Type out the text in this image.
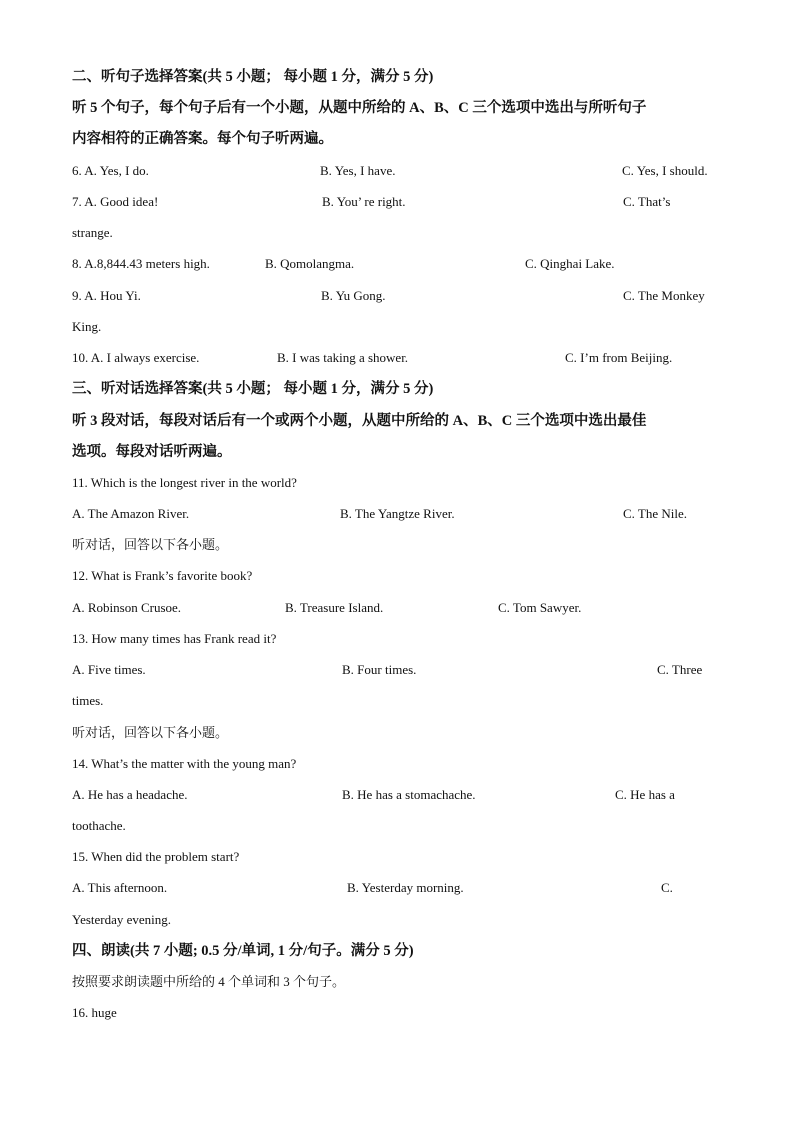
二、听句子选择答案(共 5 小题； 每小题 1 分，满分 5 分)
听 5 个句子，每个句子后有一个小题，从题中所给的 A、B、C 三个选项中选出与所听句子
内容相符的正确答案。每个句子听两遍。
6. A. Yes, I do.	B. Yes, I have.	C. Yes, I should.
7. A. Good idea!	B. You’ re right.	C. That’s
strange.
8. A.8,844.43 meters high.	B. Qomolangma.	C. Qinghai Lake.
9. A. Hou Yi.	B. Yu Gong.	C. The Monkey
King.
10. A. I always exercise.	B. I was taking a shower.	C. I’m from Beijing.
三、听对话选择答案(共 5 小题； 每小题 1 分，满分 5 分)
听 3 段对话，每段对话后有一个或两个小题，从题中所给的 A、B、C 三个选项中选出最佳
选项。每段对话听两遍。
11. Which is the longest river in the world?
A. The Amazon River.	B. The Yangtze River.	C. The Nile.
听对话，回答以下各小题。
12. What is Frank’s favorite book?
A. Robinson Crusoe.	B. Treasure Island.	C. Tom Sawyer.
13. How many times has Frank read it?
A. Five times.	B. Four times.	C. Three
times.
听对话，回答以下各小题。
14. What’s the matter with the young man?
A. He has a headache.	B. He has a stomachache.	C. He has a
toothache.
15. When did the problem start?
A. This afternoon.	B. Yesterday morning.	C.
Yesterday evening.
四、朗读(共 7 小题; 0.5 分/单词, 1 分/句子。满分 5 分)
按照要求朗读题中所给的 4 个单词和 3 个句子。
16. huge
